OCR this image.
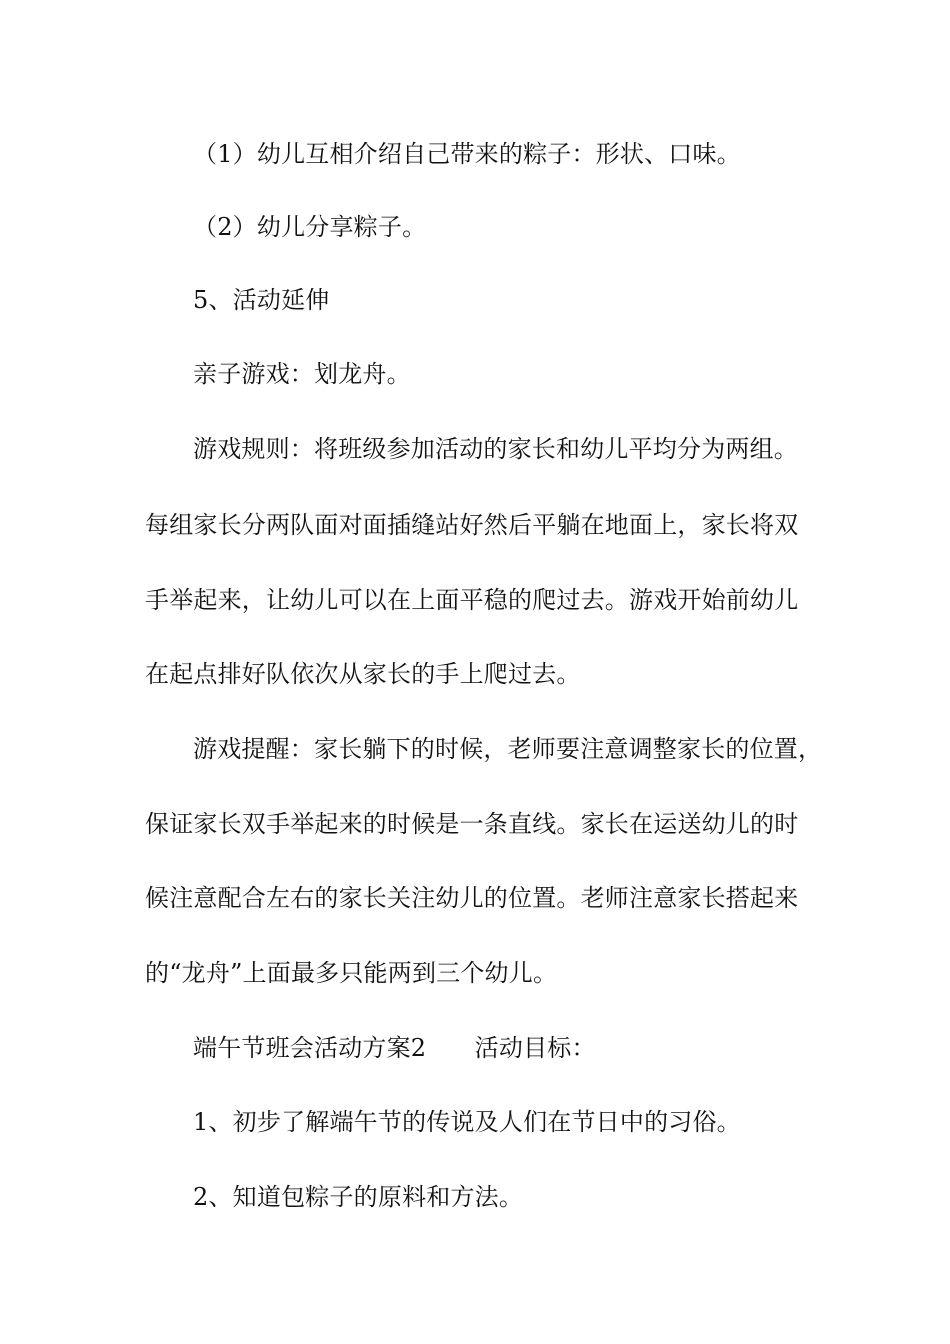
（1）幼儿互相介绍自己带来的粽子：形状、口味。
（2）幼儿分享粽子。
5、活动延伸
亲子游戏：划龙舟。
游戏规则：将班级参加活动的家长和幼儿平均分为两组。
每组家长分两队面对面插缝站好然后平躺在地面上，家长将双
手举起来，让幼儿可以在上面平稳的爬过去。游戏开始前幼儿
在起点排好队依次从家长的手上爬过去。
游戏提醒：家长躺下的时候，老师要注意调整家长的位置，
保证家长双手举起来的时候是一条直线。家长在运送幼儿的时
候注意配合左右的家长关注幼儿的位置。老师注意家长搭起来
的“龙舟”上面最多只能两到三个幼儿。
端午节班会活动方案2　　活动目标：
1、初步了解端午节的传说及人们在节日中的习俗。
2、知道包粽子的原料和方法。
